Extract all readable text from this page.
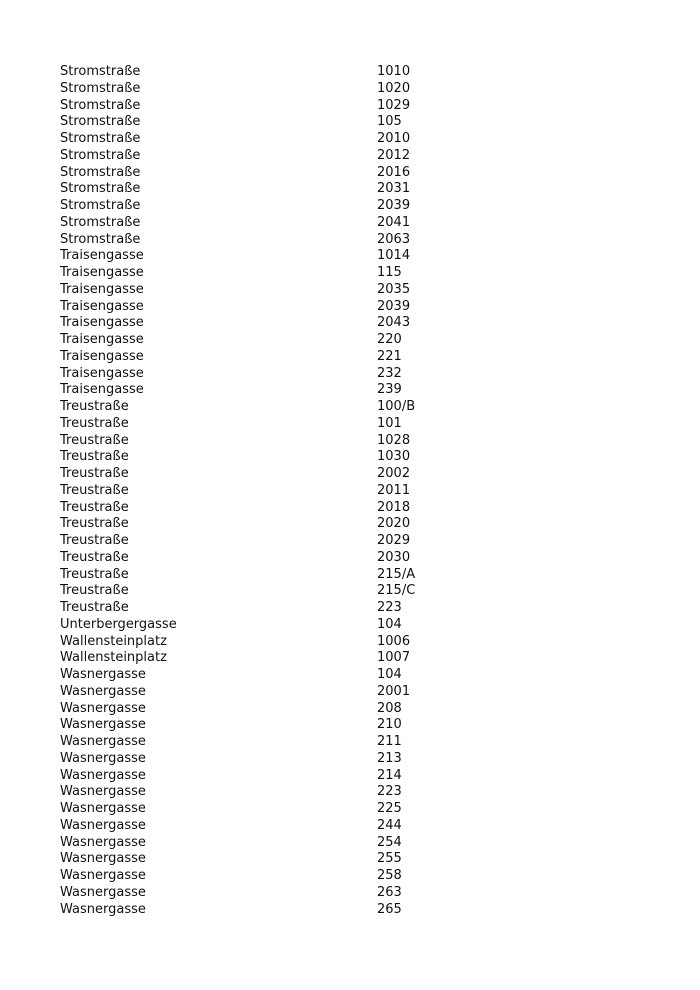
Stromstraße	1010
Stromstraße	1020
Stromstraße	1029
Stromstraße	105
Stromstraße	2010
Stromstraße	2012
Stromstraße	2016
Stromstraße	2031
Stromstraße	2039
Stromstraße	2041
Stromstraße	2063
Traisengasse	1014
Traisengasse	115
Traisengasse	2035
Traisengasse	2039
Traisengasse	2043
Traisengasse	220
Traisengasse	221
Traisengasse	232
Traisengasse	239
Treustraße	100/B
Treustraße	101
Treustraße	1028
Treustraße	1030
Treustraße	2002
Treustraße	2011
Treustraße	2018
Treustraße	2020
Treustraße	2029
Treustraße	2030
Treustraße	215/A
Treustraße	215/C
Treustraße	223
Unterbergergasse	104
Wallensteinplatz	1006
Wallensteinplatz	1007
Wasnergasse	104
Wasnergasse	2001
Wasnergasse	208
Wasnergasse	210
Wasnergasse	211
Wasnergasse	213
Wasnergasse	214
Wasnergasse	223
Wasnergasse	225
Wasnergasse	244
Wasnergasse	254
Wasnergasse	255
Wasnergasse	258
Wasnergasse	263
Wasnergasse	265
